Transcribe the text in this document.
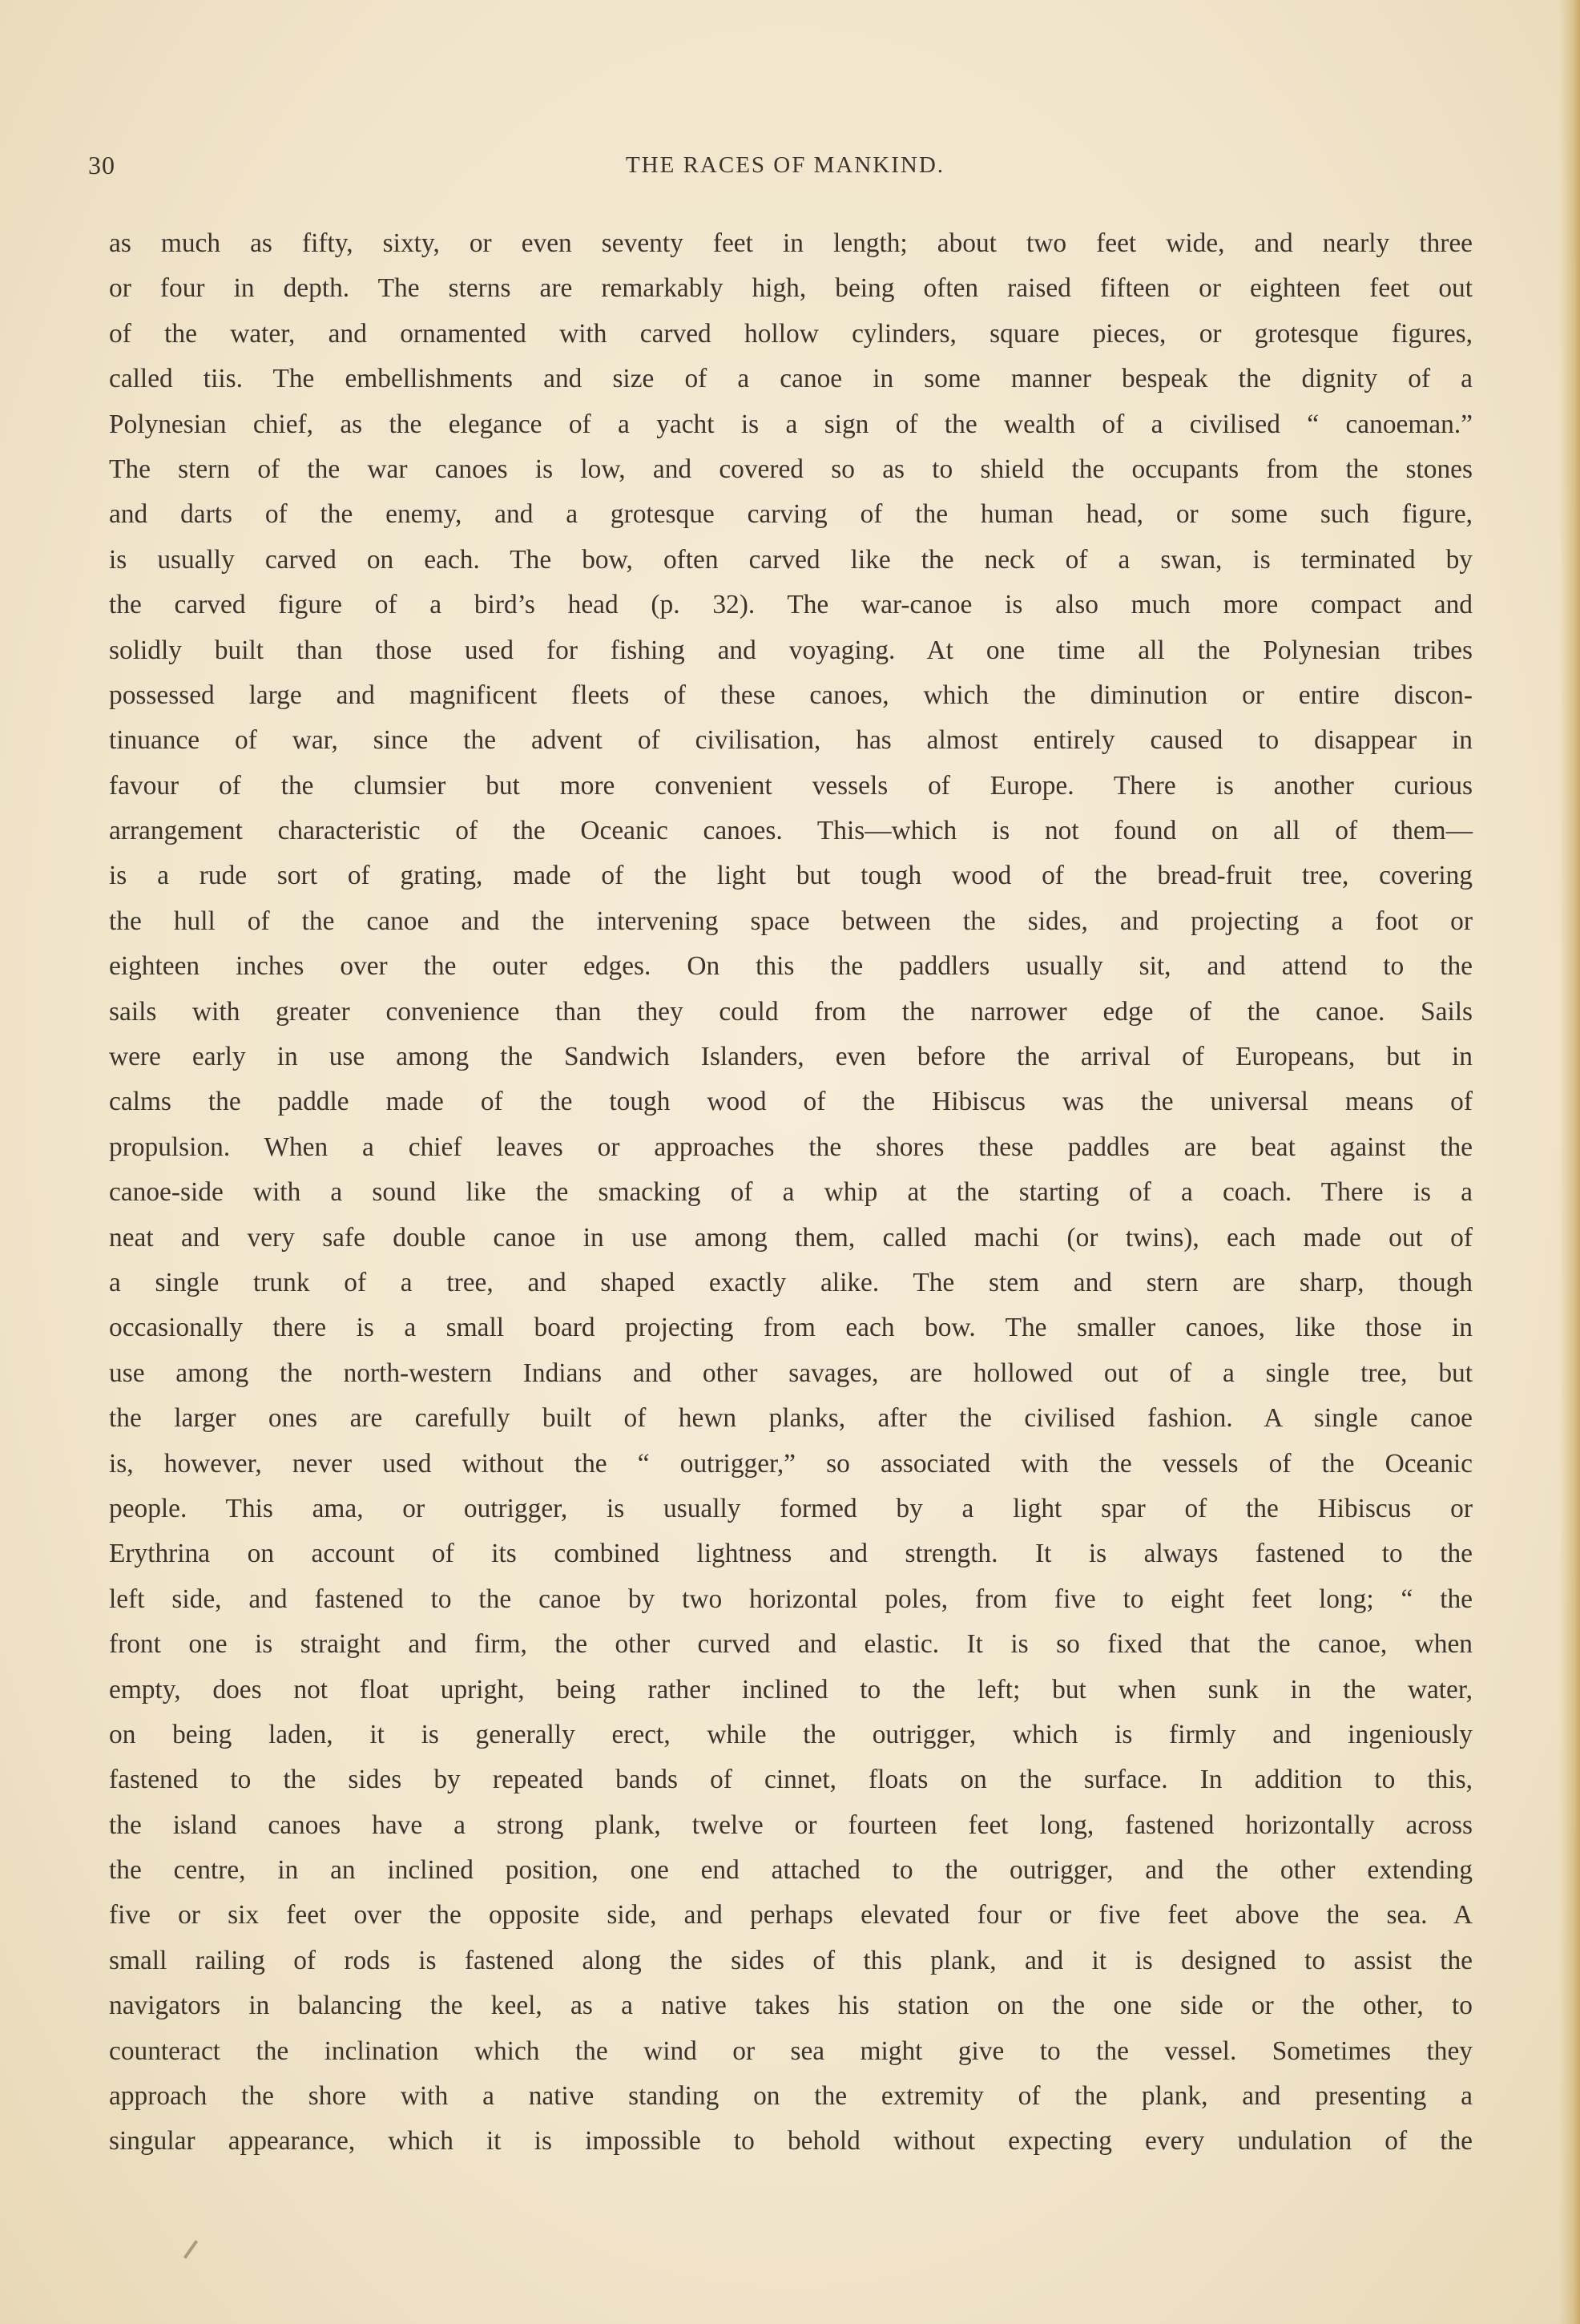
30	THE RACES OF MANKIND.
as much as fifty, sixty, or even seventy feet in length; about two feet wide, and nearly three
or four in depth. The sterns are remarkably high, being often raised fifteen or eighteen feet out
of the water, and ornamented with carved hollow cylinders, square pieces, or grotesque figures,
called tiis. The embellishments and size of a canoe in some manner bespeak the dignity of a
Polynesian chief, as the elegance of a yacht is a sign of the wealth of a civilised “ canoeman.”
The stern of the war canoes is low, and covered so as to shield the occupants from the stones
and darts of the enemy, and a grotesque carving of the human head, or some such figure,
is usually carved on each. The bow, often carved like the neck of a swan, is terminated by
the carved figure of a bird’s head (p. 32). The war-canoe is also much more compact and
solidly built than those used for fishing and voyaging. At one time all the Polynesian tribes
possessed large and magnificent fleets of these canoes, which the diminution or entire discon-
tinuance of war, since the advent of civilisation, has almost entirely caused to disappear in
favour of the clumsier but more convenient vessels of Europe. There is another curious
arrangement characteristic of the Oceanic canoes. This—which is not found on all of them—
is a rude sort of grating, made of the light but tough wood of the bread-fruit tree, covering
the hull of the canoe and the intervening space between the sides, and projecting a foot or
eighteen inches over the outer edges. On this the paddlers usually sit, and attend to the
sails with greater convenience than they could from the narrower edge of the canoe. Sails
were early in use among the Sandwich Islanders, even before the arrival of Europeans, but in
calms the paddle made of the tough wood of the Hibiscus was the universal means of
propulsion. When a chief leaves or approaches the shores these paddles are beat against the
canoe-side with a sound like the smacking of a whip at the starting of a coach. There is a
neat and very safe double canoe in use among them, called machi (or twins), each made out of
a single trunk of a tree, and shaped exactly alike. The stem and stern are sharp, though
occasionally there is a small board projecting from each bow. The smaller canoes, like those in
use among the north-western Indians and other savages, are hollowed out of a single tree, but
the larger ones are carefully built of hewn planks, after the civilised fashion. A single canoe
is, however, never used without the “ outrigger,” so associated with the vessels of the Oceanic
people. This ama, or outrigger, is usually formed by a light spar of the Hibiscus or
Erythrina on account of its combined lightness and strength. It is always fastened to the
left side, and fastened to the canoe by two horizontal poles, from five to eight feet long; “ the
front one is straight and firm, the other curved and elastic. It is so fixed that the canoe, when
empty, does not float upright, being rather inclined to the left; but when sunk in the water,
on being laden, it is generally erect, while the outrigger, which is firmly and ingeniously
fastened to the sides by repeated bands of cinnet, floats on the surface. In addition to this,
the island canoes have a strong plank, twelve or fourteen feet long, fastened horizontally across
the centre, in an inclined position, one end attached to the outrigger, and the other extending
five or six feet over the opposite side, and perhaps elevated four or five feet above the sea. A
small railing of rods is fastened along the sides of this plank, and it is designed to assist the
navigators in balancing the keel, as a native takes his station on the one side or the other, to
counteract the inclination which the wind or sea might give to the vessel. Sometimes they
approach the shore with a native standing on the extremity of the plank, and presenting a
singular appearance, which it is impossible to behold without expecting every undulation of the
